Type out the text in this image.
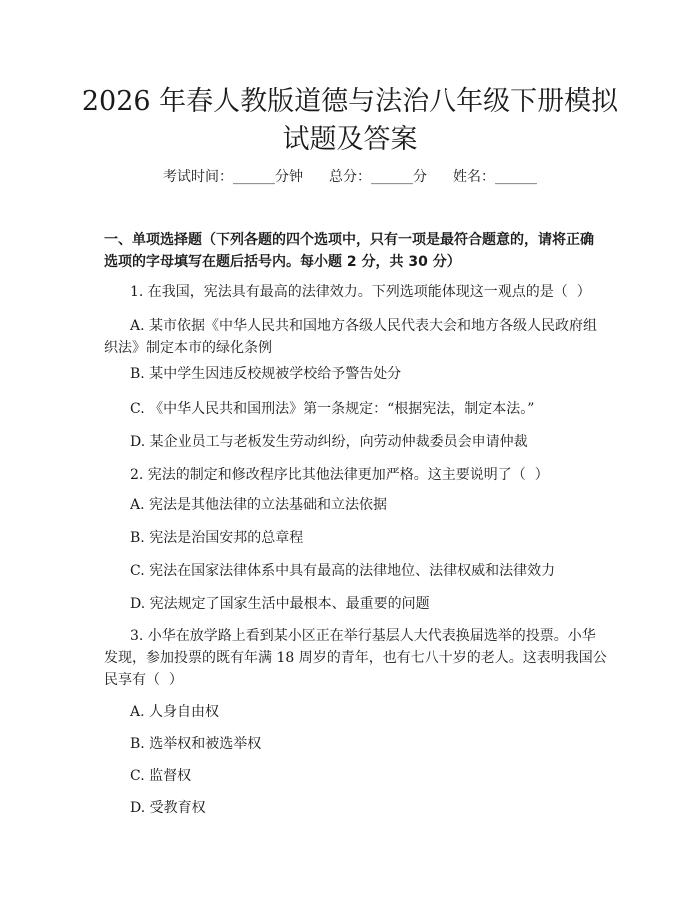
2026 年春人教版道德与法治八年级下册模拟
试题及答案
考试时间：______分钟 总分：______分 姓名：______
一、单项选择题（下列各题的四个选项中，只有一项是最符合题意的，请将正确
选项的字母填写在题后括号内。每小题 2 分，共 30 分）
1. 在我国，宪法具有最高的法律效力。下列选项能体现这一观点的是（  ）
A. 某市依据《中华人民共和国地方各级人民代表大会和地方各级人民政府组
织法》制定本市的绿化条例
B. 某中学生因违反校规被学校给予警告处分
C. 《中华人民共和国刑法》第一条规定：“根据宪法，制定本法。”
D. 某企业员工与老板发生劳动纠纷，向劳动仲裁委员会申请仲裁
2. 宪法的制定和修改程序比其他法律更加严格。这主要说明了（  ）
A. 宪法是其他法律的立法基础和立法依据
B. 宪法是治国安邦的总章程
C. 宪法在国家法律体系中具有最高的法律地位、法律权威和法律效力
D. 宪法规定了国家生活中最根本、最重要的问题
3. 小华在放学路上看到某小区正在举行基层人大代表换届选举的投票。小华
发现，参加投票的既有年满 18 周岁的青年，也有七八十岁的老人。这表明我国公
民享有（  ）
A. 人身自由权
B. 选举权和被选举权
C. 监督权
D. 受教育权
